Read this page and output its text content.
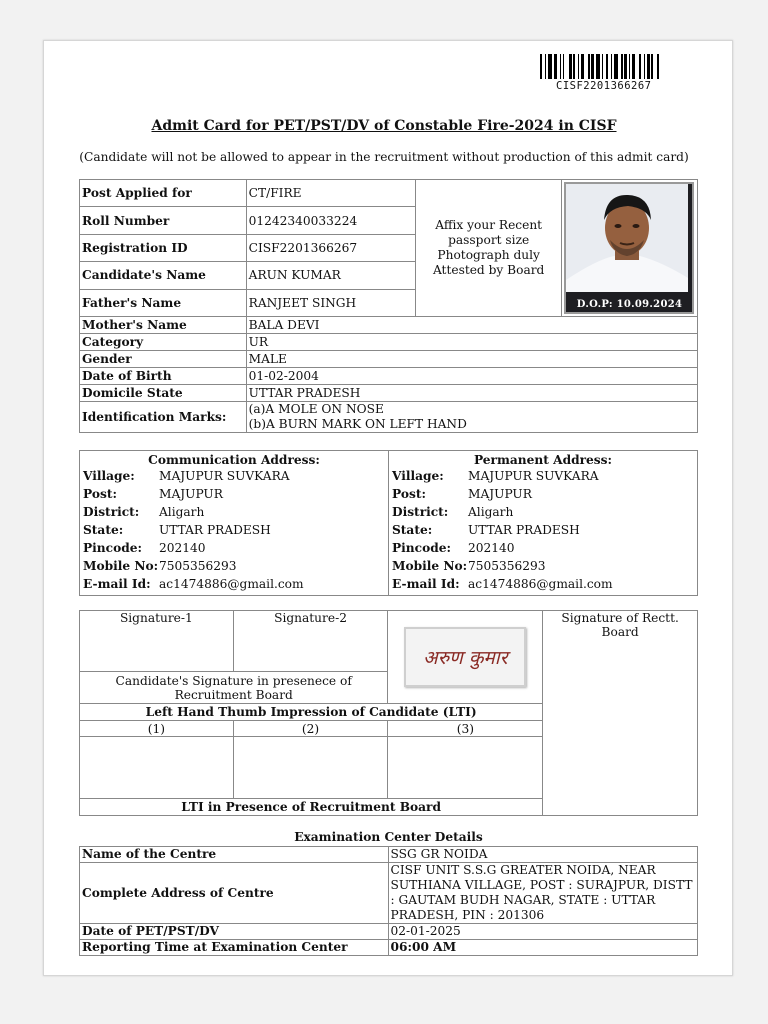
CISF2201366267
Admit Card for PET/PST/DV of Constable Fire-2024 in CISF
(Candidate will not be allowed to appear in the recruitment without production of this admit card)
Post Applied for	CT/FIRE	Affix your Recent passport size Photograph duly Attested by Board	D.O.P: 10.09.2024

Roll Number	01242340033224		
Registration ID	CISF2201366267		
Candidate's Name	ARUN KUMAR		
Father's Name	RANJEET SINGH		
Mother's Name	BALA DEVI		
Category	UR		
Gender	MALE		
Date of Birth	01-02-2004		
Domicile State	UTTAR PRADESH		
Identification Marks:	(a)A MOLE ON NOSE
(b)A BURN MARK ON LEFT HAND		
Communication Address:
Village:	MAJUPUR SUVKARA
Post:	MAJUPUR
District:	Aligarh
State:	UTTAR PRADESH
Pincode:	202140
Mobile No: 7505356293
E-mail Id: ac1474886@gmail.com

Permanent Address:
Village:	MAJUPUR SUVKARA
Post:	MAJUPUR
District:	Aligarh
State:	UTTAR PRADESH
Pincode:	202140
Mobile No: 7505356293
E-mail Id: ac1474886@gmail.com
Signature-1	Signature-2	अरुण कुमार	Signature of Rectt. Board
Candidate's Signature in presenece of Recruitment Board			
Left Hand Thumb Impression of Candidate (LTI)			
(1)	(2)	(3)	

LTI in Presence of Recruitment Board			
Examination Center Details
Name of the Centre	SSG GR NOIDA
Complete Address of Centre	CISF UNIT S.S.G GREATER NOIDA, NEAR SUTHIANA VILLAGE, POST : SURAJPUR, DISTT : GAUTAM BUDH NAGAR, STATE : UTTAR PRADESH, PIN : 201306
Date of PET/PST/DV	02-01-2025
Reporting Time at Examination Center	06:00 AM
